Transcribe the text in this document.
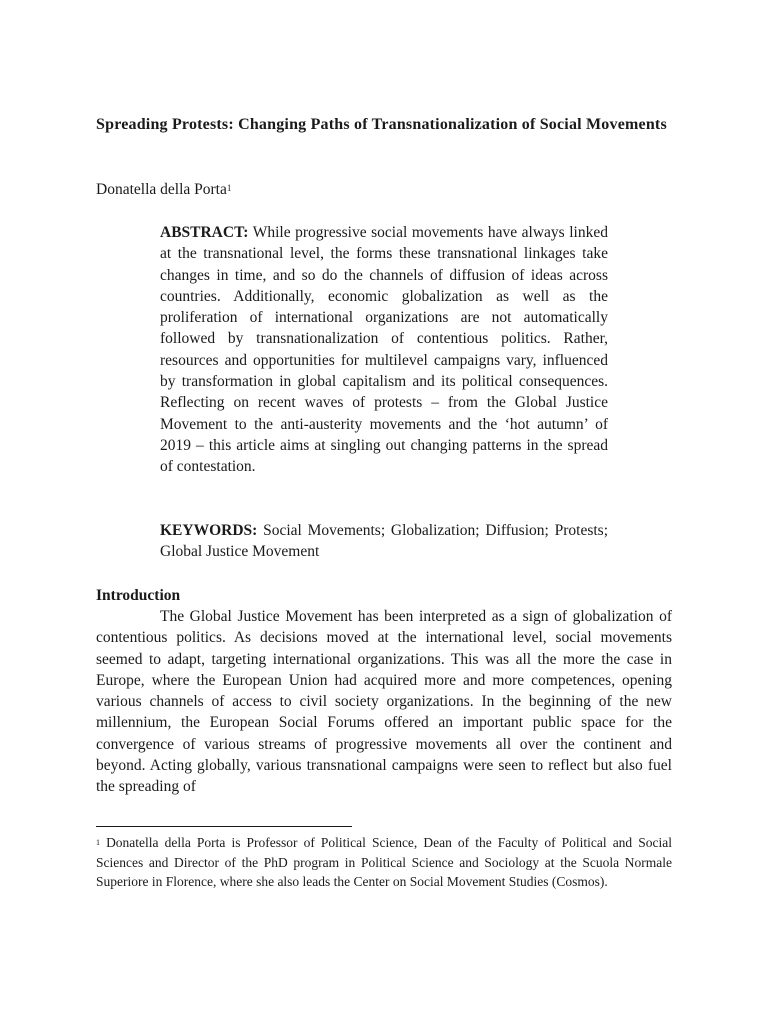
Spreading Protests: Changing Paths of Transnationalization of Social Movements
Donatella della Porta$^1$
ABSTRACT: While progressive social movements have always linked at the transnational level, the forms these transnational linkages take changes in time, and so do the channels of diffusion of ideas across countries. Additionally, economic globalization as well as the proliferation of international organizations are not automatically followed by transnationalization of contentious politics. Rather, resources and opportunities for multilevel campaigns vary, influenced by transformation in global capitalism and its political consequences. Reflecting on recent waves of protests – from the Global Justice Movement to the anti-austerity movements and the ‘hot autumn’ of 2019 – this article aims at singling out changing patterns in the spread of contestation.
KEYWORDS: Social Movements; Globalization; Diffusion; Protests; Global Justice Movement
Introduction
The Global Justice Movement has been interpreted as a sign of globalization of contentious politics. As decisions moved at the international level, social movements seemed to adapt, targeting international organizations. This was all the more the case in Europe, where the European Union had acquired more and more competences, opening various channels of access to civil society organizations. In the beginning of the new millennium, the European Social Forums offered an important public space for the convergence of various streams of progressive movements all over the continent and beyond. Acting globally, various transnational campaigns were seen to reflect but also fuel the spreading of
$^1$ Donatella della Porta is Professor of Political Science, Dean of the Faculty of Political and Social Sciences and Director of the PhD program in Political Science and Sociology at the Scuola Normale Superiore in Florence, where she also leads the Center on Social Movement Studies (Cosmos).
